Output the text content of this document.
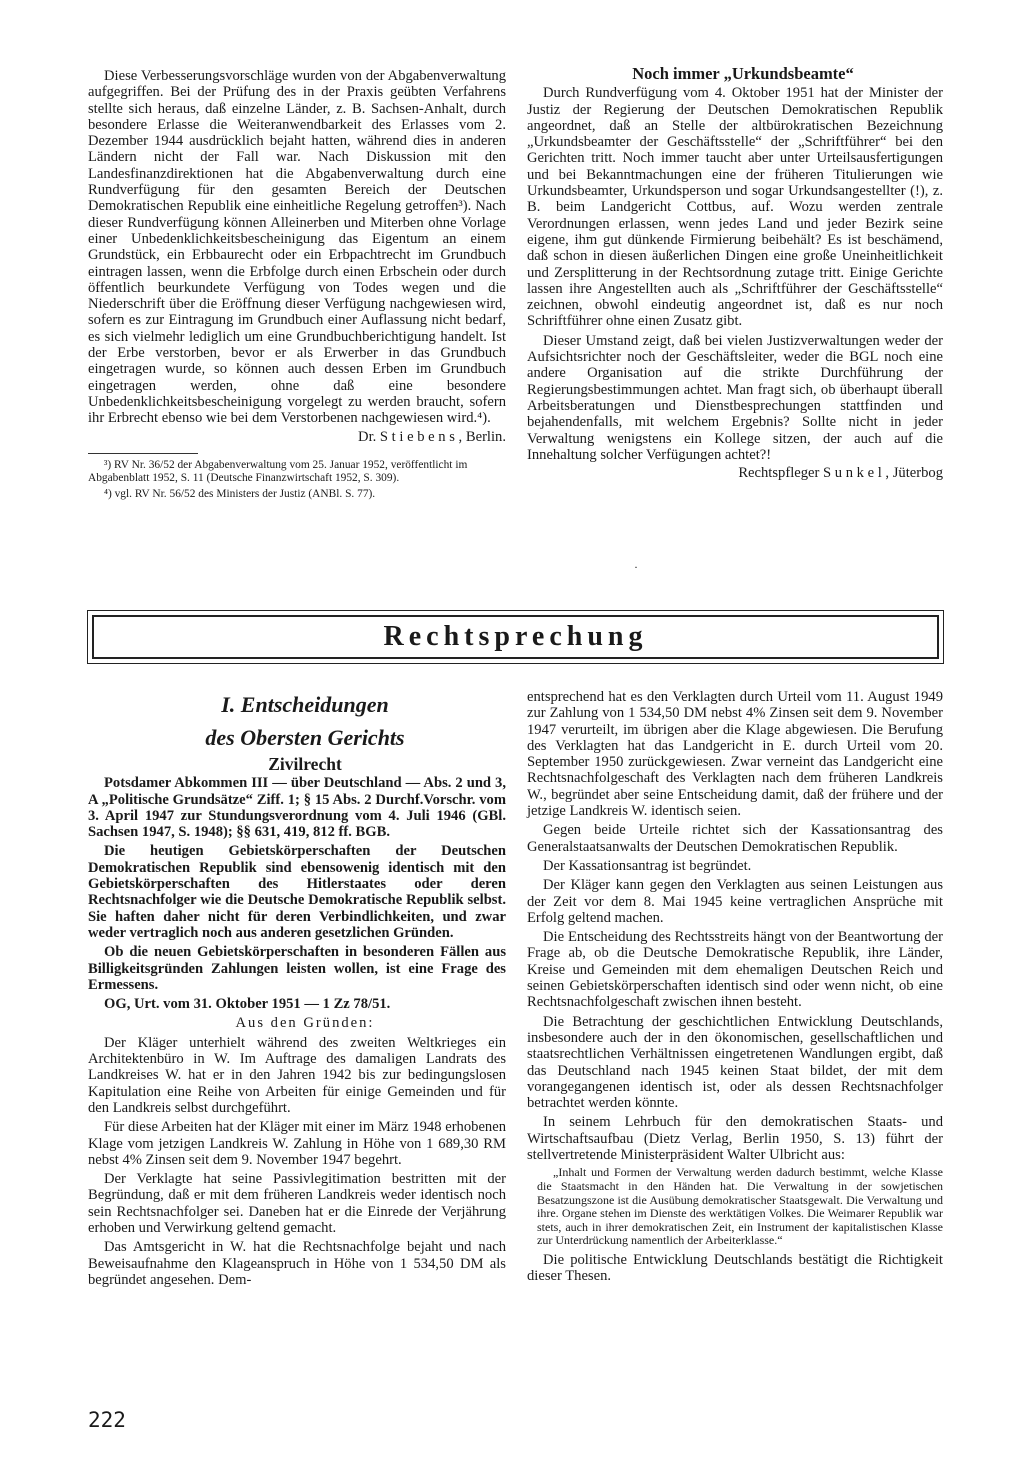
Diese Verbesserungsvorschläge wurden von der Abgabenverwaltung aufgegriffen. Bei der Prüfung des in der Praxis geübten Verfahrens stellte sich heraus, daß einzelne Länder, z. B. Sachsen-Anhalt, durch besondere Erlasse die Weiteranwendbarkeit des Erlasses vom 2. Dezember 1944 ausdrücklich bejaht hatten, während dies in anderen Ländern nicht der Fall war. Nach Diskussion mit den Landesfinanzdirektionen hat die Abgabenverwaltung durch eine Rundverfügung für den gesamten Bereich der Deutschen Demokratischen Republik eine einheitliche Regelung getroffen³). Nach dieser Rundverfügung können Alleinerben und Miterben ohne Vorlage einer Unbedenklichkeitsbescheinigung das Eigentum an einem Grundstück, ein Erbbaurecht oder ein Erbpachtrecht im Grundbuch eintragen lassen, wenn die Erbfolge durch einen Erbschein oder durch öffentlich beurkundete Verfügung von Todes wegen und die Niederschrift über die Eröffnung dieser Verfügung nachgewiesen wird, sofern es zur Eintragung im Grundbuch einer Auflassung nicht bedarf, es sich vielmehr lediglich um eine Grundbuchberichtigung handelt. Ist der Erbe verstorben, bevor er als Erwerber in das Grundbuch eingetragen wurde, so können auch dessen Erben im Grundbuch eingetragen werden, ohne daß eine besondere Unbedenklichkeitsbescheinigung vorgelegt zu werden braucht, sofern ihr Erbrecht ebenso wie bei dem Verstorbenen nachgewiesen wird.⁴).

Dr. S t i e b e n s , Berlin.

³) RV Nr. 36/52 der Abgabenverwaltung vom 25. Januar 1952, veröffentlicht im Abgabenblatt 1952, S. 11 (Deutsche Finanzwirtschaft 1952, S. 309).

⁴) vgl. RV Nr. 56/52 des Ministers der Justiz (ANBl. S. 77).

Noch immer „Urkundsbeamte“

Durch Rundverfügung vom 4. Oktober 1951 hat der Minister der Justiz der Regierung der Deutschen Demokratischen Republik angeordnet, daß an Stelle der altbürokratischen Bezeichnung „Urkundsbeamter der Geschäftsstelle“ der „Schriftführer“ bei den Gerichten tritt. Noch immer taucht aber unter Urteilsausfertigungen und bei Bekanntmachungen eine der früheren Titulierungen wie Urkundsbeamter, Urkundsperson und sogar Urkundsangestellter (!), z. B. beim Landgericht Cottbus, auf. Wozu werden zentrale Verordnungen erlassen, wenn jedes Land und jeder Bezirk seine eigene, ihm gut dünkende Firmierung beibehält? Es ist beschämend, daß schon in diesen äußerlichen Dingen eine große Uneinheitlichkeit und Zersplitterung in der Rechtsordnung zutage tritt. Einige Gerichte lassen ihre Angestellten auch als „Schriftführer der Geschäftsstelle“ zeichnen, obwohl eindeutig angeordnet ist, daß es nur noch Schriftführer ohne einen Zusatz gibt.

Dieser Umstand zeigt, daß bei vielen Justizverwaltungen weder der Aufsichtsrichter noch der Geschäftsleiter, weder die BGL noch eine andere Organisation auf die strikte Durchführung der Regierungsbestimmungen achtet. Man fragt sich, ob überhaupt überall Arbeitsberatungen und Dienstbesprechungen stattfinden und bejahendenfalls, mit welchem Ergebnis? Sollte nicht in jeder Verwaltung wenigstens ein Kollege sitzen, der auch auf die Innehaltung solcher Verfügungen achtet?!

Rechtspfleger S u n k e l , Jüterbog

·
Rechtsprechung

I. Entscheidungen

des Obersten Gerichts

Zivilrecht

Potsdamer Abkommen III — über Deutschland — Abs. 2 und 3, A „Politische Grundsätze“ Ziff. 1; § 15 Abs. 2 Durchf.Vorschr. vom 3. April 1947 zur Stundungsverordnung vom 4. Juli 1946 (GBl. Sachsen 1947, S. 1948); §§ 631, 419, 812 ff. BGB.

Die heutigen Gebietskörperschaften der Deutschen Demokratischen Republik sind ebensowenig identisch mit den Gebietskörperschaften des Hitlerstaates oder deren Rechtsnachfolger wie die Deutsche Demokratische Republik selbst. Sie haften daher nicht für deren Verbindlichkeiten, und zwar weder vertraglich noch aus anderen gesetzlichen Gründen.

Ob die neuen Gebietskörperschaften in besonderen Fällen aus Billigkeitsgründen Zahlungen leisten wollen, ist eine Frage des Ermessens.

OG, Urt. vom 31. Oktober 1951 — 1 Zz 78/51.

Aus den Gründen:

Der Kläger unterhielt während des zweiten Weltkrieges ein Architektenbüro in W. Im Auftrage des damaligen Landrats des Landkreises W. hat er in den Jahren 1942 bis zur bedingungslosen Kapitulation eine Reihe von Arbeiten für einige Gemeinden und für den Landkreis selbst durchgeführt.

Für diese Arbeiten hat der Kläger mit einer im März 1948 erhobenen Klage vom jetzigen Landkreis W. Zahlung in Höhe von 1 689,30 RM nebst 4% Zinsen seit dem 9. November 1947 begehrt.

Der Verklagte hat seine Passivlegitimation bestritten mit der Begründung, daß er mit dem früheren Landkreis weder identisch noch sein Rechtsnachfolger sei. Daneben hat er die Einrede der Verjährung erhoben und Verwirkung geltend gemacht.

Das Amtsgericht in W. hat die Rechtsnachfolge bejaht und nach Beweisaufnahme den Klageanspruch in Höhe von 1 534,50 DM als begründet angesehen. Dem-

entsprechend hat es den Verklagten durch Urteil vom 11. August 1949 zur Zahlung von 1 534,50 DM nebst 4% Zinsen seit dem 9. November 1947 verurteilt, im übrigen aber die Klage abgewiesen. Die Berufung des Verklagten hat das Landgericht in E. durch Urteil vom 20. September 1950 zurückgewiesen. Zwar verneint das Landgericht eine Rechtsnachfolgeschaft des Verklagten nach dem früheren Landkreis W., begründet aber seine Entscheidung damit, daß der frühere und der jetzige Landkreis W. identisch seien.

Gegen beide Urteile richtet sich der Kassationsantrag des Generalstaatsanwalts der Deutschen Demokratischen Republik.

Der Kassationsantrag ist begründet.

Der Kläger kann gegen den Verklagten aus seinen Leistungen aus der Zeit vor dem 8. Mai 1945 keine vertraglichen Ansprüche mit Erfolg geltend machen.

Die Entscheidung des Rechtsstreits hängt von der Beantwortung der Frage ab, ob die Deutsche Demokratische Republik, ihre Länder, Kreise und Gemeinden mit dem ehemaligen Deutschen Reich und seinen Gebietskörperschaften identisch sind oder wenn nicht, ob eine Rechtsnachfolgeschaft zwischen ihnen besteht.

Die Betrachtung der geschichtlichen Entwicklung Deutschlands, insbesondere auch der in den ökonomischen, gesellschaftlichen und staatsrechtlichen Verhältnissen eingetretenen Wandlungen ergibt, daß das Deutschland nach 1945 keinen Staat bildet, der mit dem vorangegangenen identisch ist, oder als dessen Rechtsnachfolger betrachtet werden könnte.

In seinem Lehrbuch für den demokratischen Staats- und Wirtschaftsaufbau (Dietz Verlag, Berlin 1950, S. 13) führt der stellvertretende Ministerpräsident Walter Ulbricht aus:

„Inhalt und Formen der Verwaltung werden dadurch bestimmt, welche Klasse die Staatsmacht in den Händen hat. Die Verwaltung in der sowjetischen Besatzungszone ist die Ausübung demokratischer Staatsgewalt. Die Verwaltung und ihre. Organe stehen im Dienste des werktätigen Volkes. Die Weimarer Republik war stets, auch in ihrer demokratischen Zeit, ein Instrument der kapitalistischen Klasse zur Unterdrückung namentlich der Arbeiterklasse.“

Die politische Entwicklung Deutschlands bestätigt die Richtigkeit dieser Thesen.

222
